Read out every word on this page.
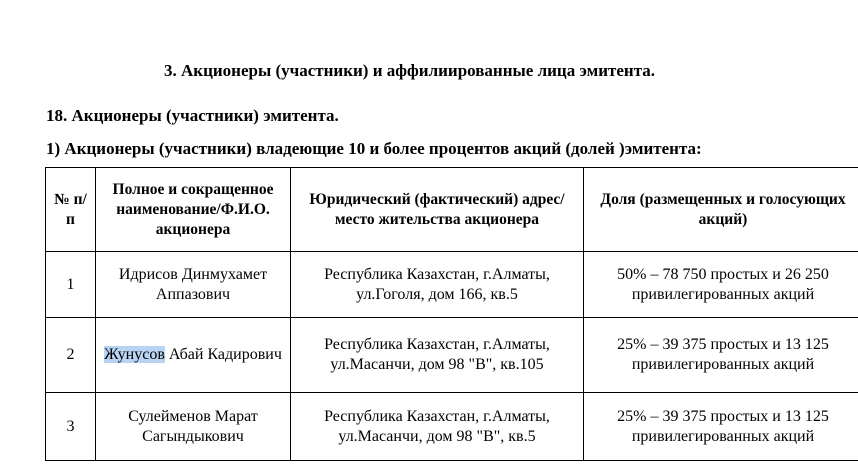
3. Акционеры (участники) и аффилиированные лица эмитента.
18. Акционеры (участники) эмитента.
1) Акционеры (участники) владеющие 10 и более процентов акций (долей )эмитента:
№ п/п	Полное и сокращенное наименование/Ф.И.О. акционера	Юридический (фактический) адрес/место жительства акционера	Доля (размещенных и голосующих акций)
1	Идрисов Динмухамет Аппазович	Республика Казахстан, г.Алматы, ул.Гоголя, дом 166, кв.5	50% – 78 750 простых и 26 250 привилегированных акций
2	Жунусов Абай Кадирович	Республика Казахстан, г.Алматы, ул.Масанчи, дом 98 "В", кв.105	25% – 39 375 простых и 13 125 привилегированных акций
3	Сулейменов Марат Сагындыкович	Республика Казахстан, г.Алматы, ул.Масанчи, дом 98 "В", кв.5	25% – 39 375 простых и 13 125 привилегированных акций
